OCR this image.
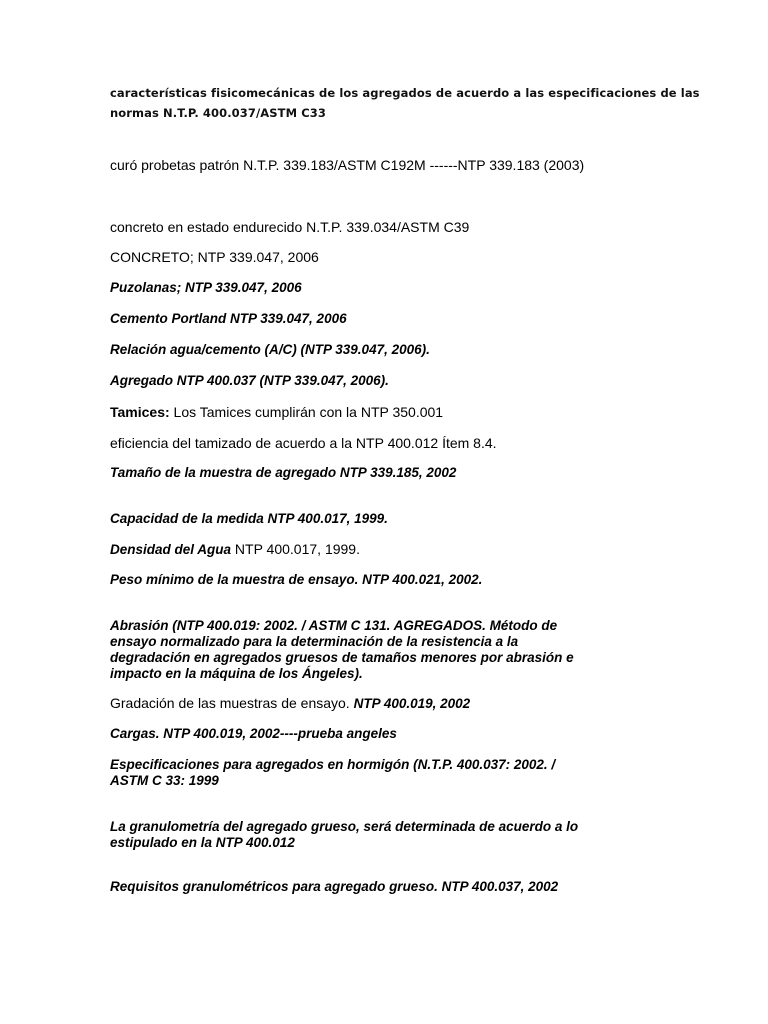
características fisicomecánicas de los agregados de acuerdo a las especificaciones de las

normas N.T.P. 400.037/ASTM C33

curó probetas patrón N.T.P. 339.183/ASTM C192M ------NTP 339.183 (2003)

concreto en estado endurecido N.T.P. 339.034/ASTM C39

CONCRETO; NTP 339.047, 2006

Puzolanas; NTP 339.047, 2006

Cemento Portland NTP 339.047, 2006

Relación agua/cemento (A/C) (NTP 339.047, 2006).

Agregado NTP 400.037 (NTP 339.047, 2006).

Tamices: Los Tamices cumplirán con la NTP 350.001

eficiencia del tamizado de acuerdo a la NTP 400.012 Ítem 8.4.

Tamaño de la muestra de agregado NTP 339.185, 2002

Capacidad de la medida NTP 400.017, 1999.

Densidad del Agua NTP 400.017, 1999.

Peso mínimo de la muestra de ensayo. NTP 400.021, 2002.

Abrasión (NTP 400.019: 2002. / ASTM C 131. AGREGADOS. Método de
ensayo normalizado para la determinación de la resistencia a la
degradación en agregados gruesos de tamaños menores por abrasión e
impacto en la máquina de los Ángeles).

Gradación de las muestras de ensayo. NTP 400.019, 2002

Cargas. NTP 400.019, 2002----prueba angeles

Especificaciones para agregados en hormigón (N.T.P. 400.037: 2002. /
ASTM C 33: 1999
La granulometría del agregado grueso, será determinada de acuerdo a lo
estipulado en la NTP 400.012

Requisitos granulométricos para agregado grueso. NTP 400.037, 2002
